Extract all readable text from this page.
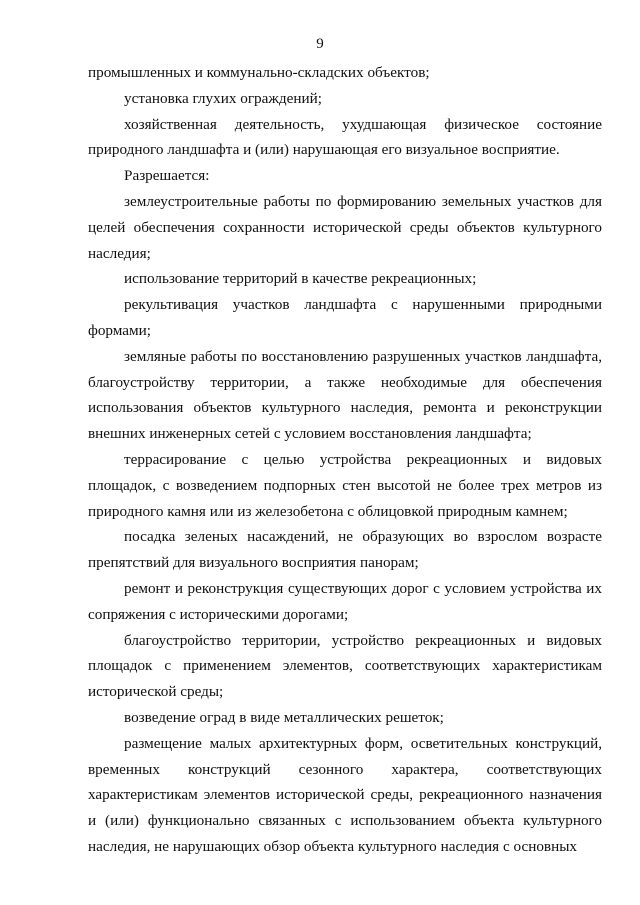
9

промышленных и коммунально-складских объектов;

установка глухих ограждений;

хозяйственная деятельность, ухудшающая физическое состояние природного ландшафта и (или) нарушающая его визуальное восприятие.

Разрешается:

землеустроительные работы по формированию земельных участков для целей обеспечения сохранности исторической среды объектов культурного наследия;

использование территорий в качестве рекреационных;

рекультивация участков ландшафта с нарушенными природными формами;

земляные работы по восстановлению разрушенных участков ландшафта, благоустройству территории, а также необходимые для обеспечения использования объектов культурного наследия, ремонта и реконструкции внешних инженерных сетей с условием восстановления ландшафта;

террасирование с целью устройства рекреационных и видовых площадок, с возведением подпорных стен высотой не более трех метров из природного камня или из железобетона с облицовкой природным камнем;

посадка зеленых насаждений, не образующих во взрослом возрасте препятствий для визуального восприятия панорам;

ремонт и реконструкция существующих дорог с условием устройства их сопряжения с историческими дорогами;

благоустройство территории, устройство рекреационных и видовых площадок с применением элементов, соответствующих характеристикам исторической среды;

возведение оград в виде металлических решеток;

размещение малых архитектурных форм, осветительных конструкций, временных конструкций сезонного характера, соответствующих характеристикам элементов исторической среды, рекреационного назначения и (или) функционально связанных с использованием объекта культурного наследия, не нарушающих обзор объекта культурного наследия с основных
